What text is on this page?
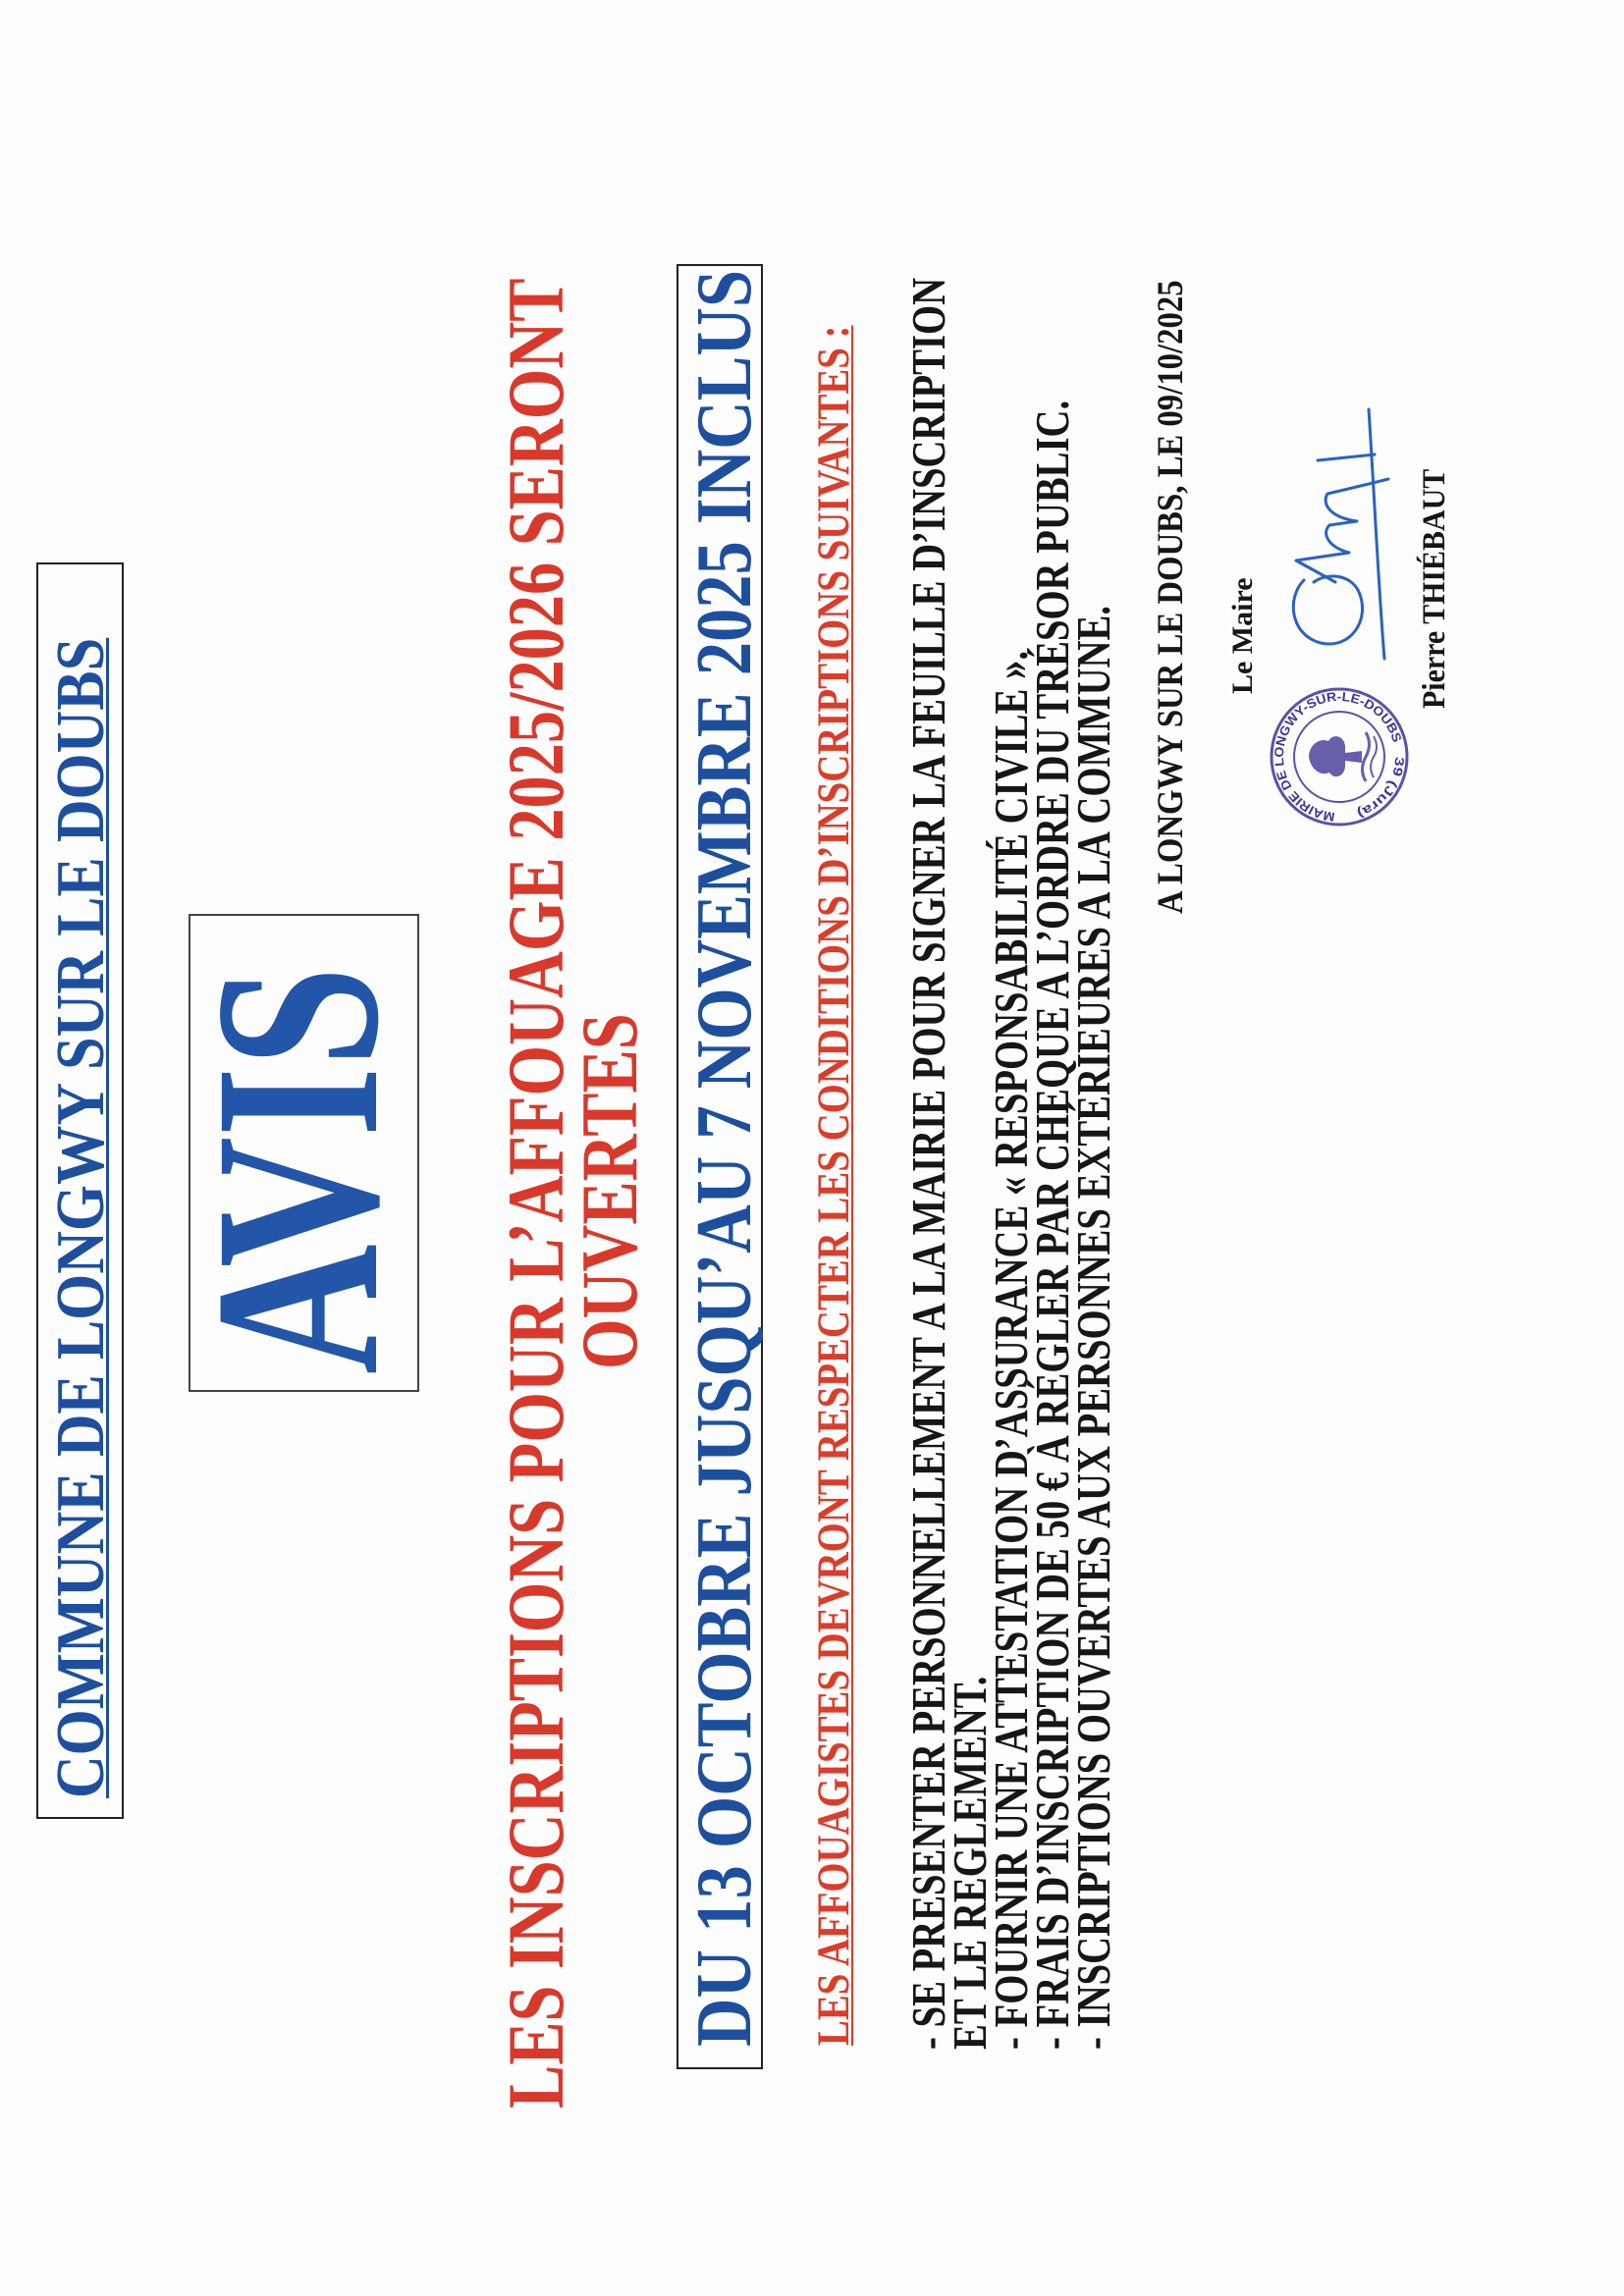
COMMUNE DE LONGWY SUR LE DOUBS AVIS LES INSCRIPTIONS POUR L’AFFOUAGE 2025/2026 SERONT

OUVERTES DU 13 OCTOBRE JUSQU’AU 7 NOVEMBRE 2025 INCLUS LES AFFOUAGISTES DEVRONT RESPECTER LES CONDITIONS D’INSCRIPTIONS SUIVANTES : - SE PRESENTER PERSONNELLEMENT A LA MAIRIE POUR SIGNER LA FEUILLE D’INSCRIPTION

ET LE REGLEMENT.

- FOURNIR UNE ATTESTATION D’ASSURANCE « RESPONSABILITÉ CIVILE ».

- FRAIS D’INSCRIPTION DE 50 € À RÉGLER PAR CHEQUE A L’ORDRE DU TRÉSOR PUBLIC.

- INSCRIPTIONS OUVERTES AUX PERSONNES EXTÉRIEURES A LA COMMUNE.

A LONGWY SUR LE DOUBS, LE 09/10/2025 Le Maire

MAIRIE DE LONGWY-SUR-LE-DOUBS
39 (Jura)

Pierre THIÉBAUT
